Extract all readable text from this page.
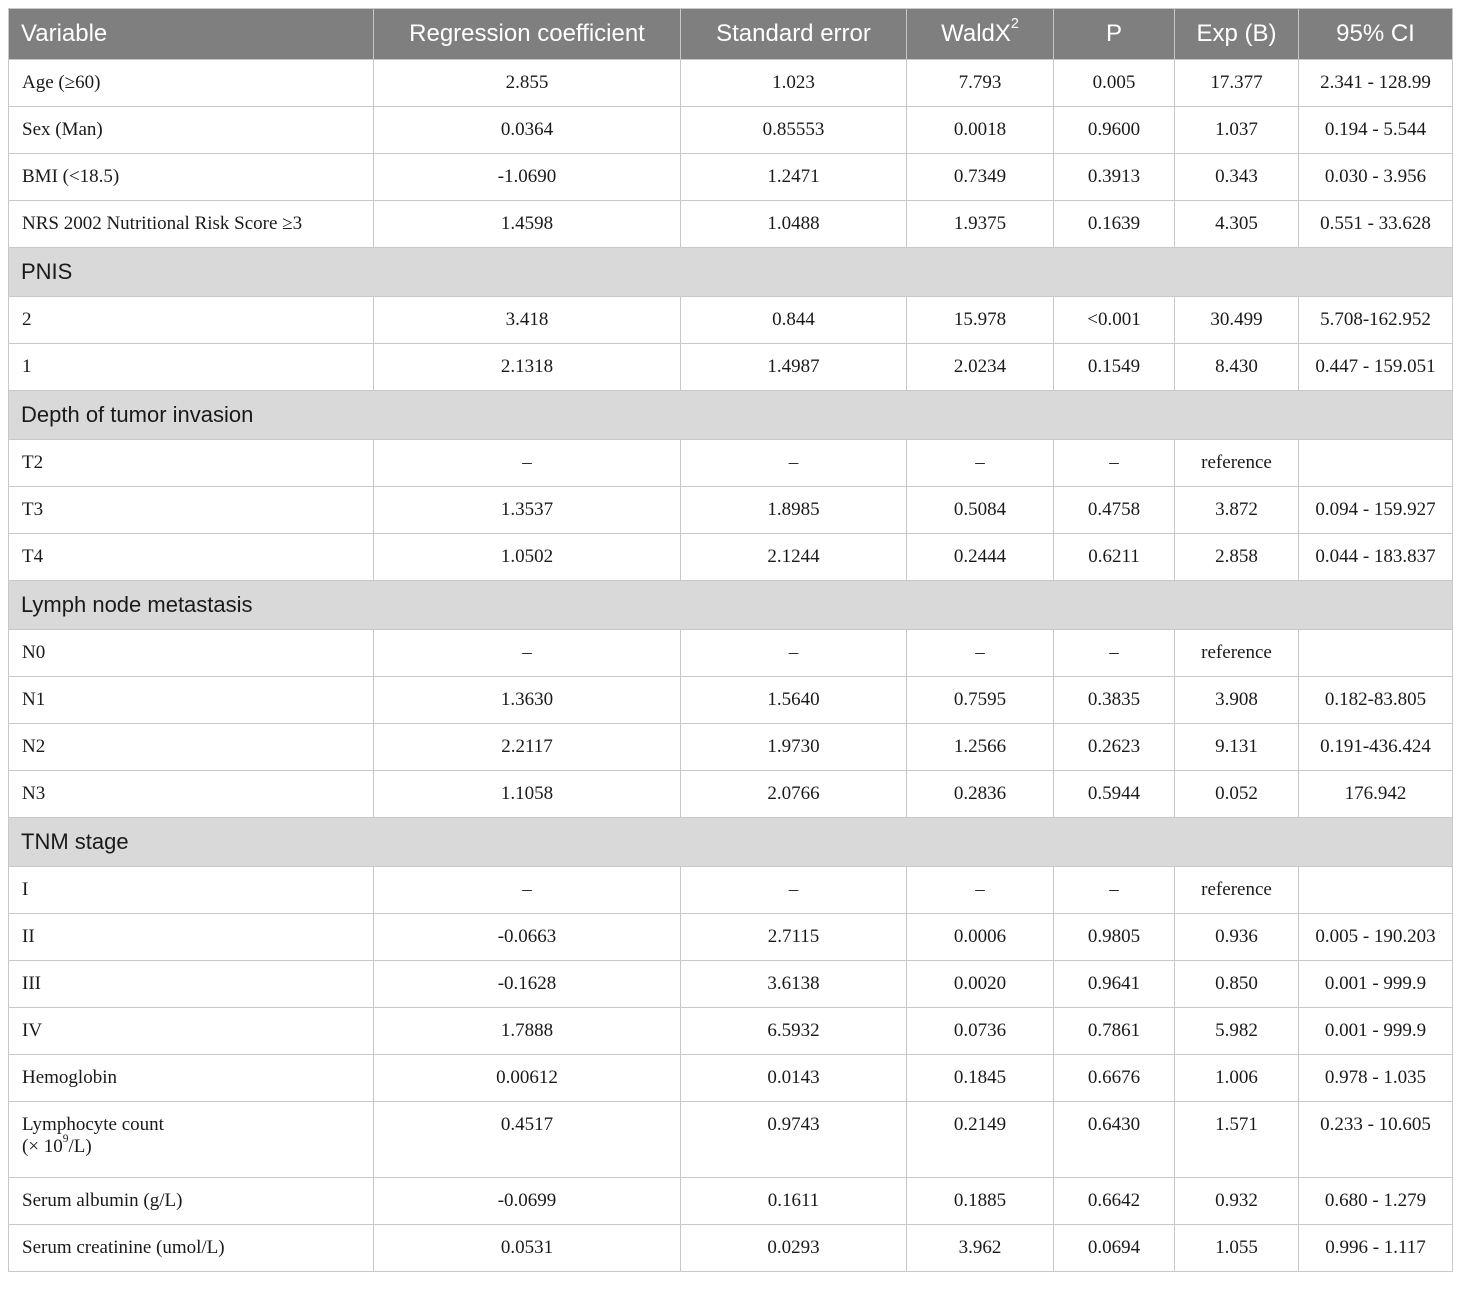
Variable	Regression coefficient	Standard error	WaldX$^2$	P	Exp (B)	95% CI
Age (≥60)	2.855	1.023	7.793	0.005	17.377	2.341 - 128.99
Sex (Man)	0.0364	0.85553	0.0018	0.9600	1.037	0.194 - 5.544
BMI (<18.5)	-1.0690	1.2471	0.7349	0.3913	0.343	0.030 - 3.956
NRS 2002 Nutritional Risk Score ≥3	1.4598	1.0488	1.9375	0.1639	4.305	0.551 - 33.628
PNIS						
2	3.418	0.844	15.978	<0.001	30.499	5.708-162.952
1	2.1318	1.4987	2.0234	0.1549	8.430	0.447 - 159.051
Depth of tumor invasion						
T2	–	–	–	–	reference	
T3	1.3537	1.8985	0.5084	0.4758	3.872	0.094 - 159.927
T4	1.0502	2.1244	0.2444	0.6211	2.858	0.044 - 183.837
Lymph node metastasis						
N0	–	–	–	–	reference	
N1	1.3630	1.5640	0.7595	0.3835	3.908	0.182-83.805
N2	2.2117	1.9730	1.2566	0.2623	9.131	0.191-436.424
N3	1.1058	2.0766	0.2836	0.5944	0.052	176.942
TNM stage						
I	–	–	–	–	reference	
II	-0.0663	2.7115	0.0006	0.9805	0.936	0.005 - 190.203
III	-0.1628	3.6138	0.0020	0.9641	0.850	0.001 - 999.9
IV	1.7888	6.5932	0.0736	0.7861	5.982	0.001 - 999.9
Hemoglobin	0.00612	0.0143	0.1845	0.6676	1.006	0.978 - 1.035
Lymphocyte count
(× $10^9/L$)	0.4517	0.9743	0.2149	0.6430	1.571	0.233 - 10.605
Serum albumin (g/L)	-0.0699	0.1611	0.1885	0.6642	0.932	0.680 - 1.279
Serum creatinine (umol/L)	0.0531	0.0293	3.962	0.0694	1.055	0.996 - 1.117
